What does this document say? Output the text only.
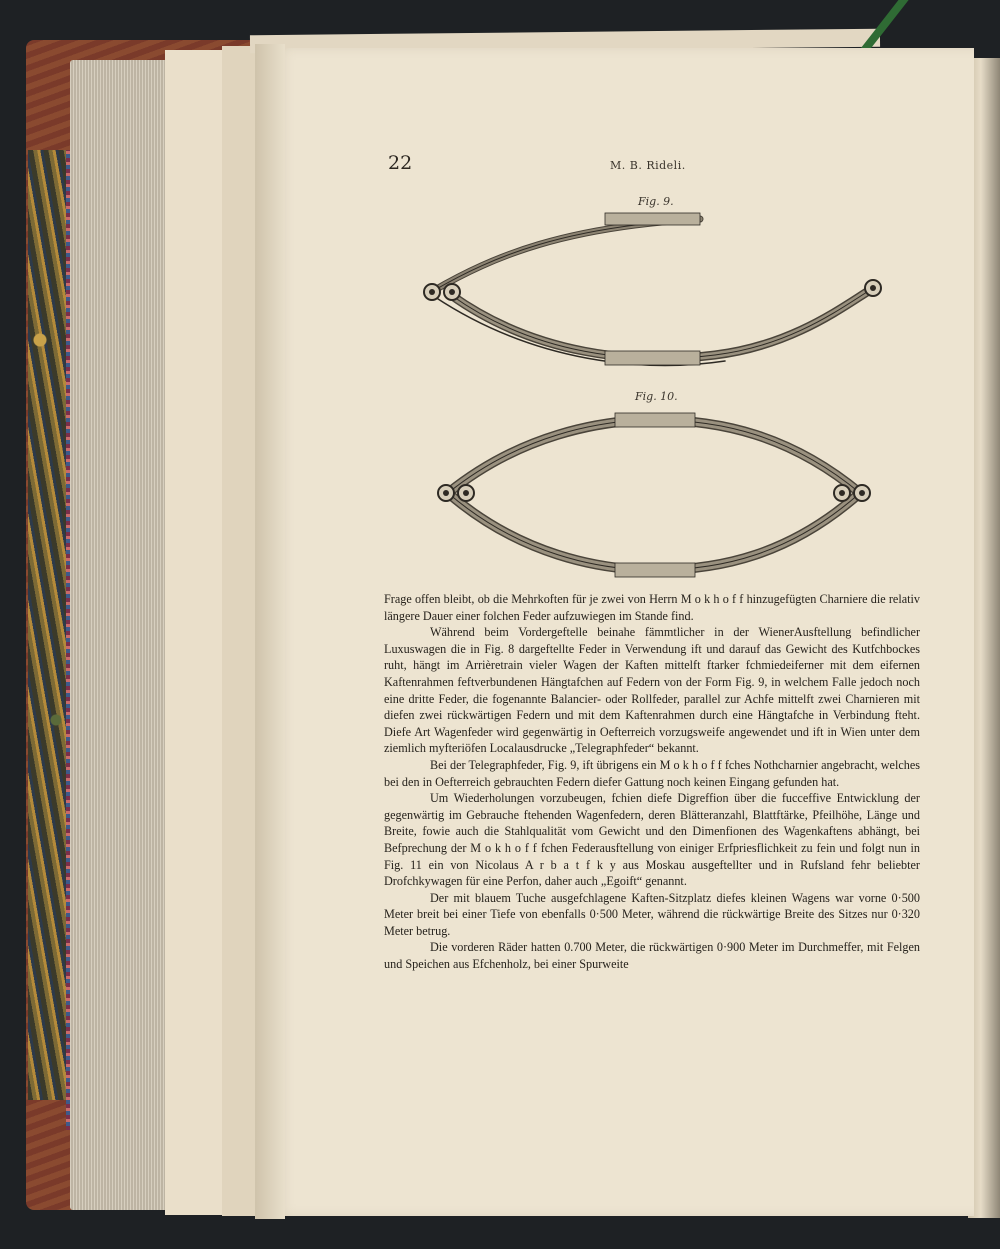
22	M. B. Rideli.
Fig. 9.
Fig. 10.

Frage offen bleibt, ob die Mehrkoften für je zwei von Herrn M o k h o f f hinzugefügten Charniere die relativ längere Dauer einer folchen Feder aufzuwiegen im Stande find.

Während beim Vordergeftelle beinahe fämmtlicher in der WienerAusftellung befindlicher Luxuswagen die in Fig. 8 dargeftellte Feder in Verwendung ift und darauf das Gewicht des Kutfchbockes ruht, hängt im Arrièretrain vieler Wagen der Kaften mittelft ftarker fchmiedeiferner mit dem eifernen Kaftenrahmen feftverbundenen Hängtafchen auf Federn von der Form Fig. 9, in welchem Falle jedoch noch eine dritte Feder, die fogenannte Balancier- oder Rollfeder, parallel zur Achfe mittelft zwei Charnieren mit diefen zwei rückwärtigen Federn und mit dem Kaftenrahmen durch eine Hängtafche in Verbindung fteht. Diefe Art Wagenfeder wird gegenwärtig in Oefterreich vorzugsweife angewendet und ift in Wien unter dem ziemlich myfteriöfen Localausdrucke „Telegraphfeder“ bekannt.

Bei der Telegraphfeder, Fig. 9, ift übrigens ein M o k h o f f fches Nothcharnier angebracht, welches bei den in Oefterreich gebrauchten Federn diefer Gattung noch keinen Eingang gefunden hat.

Um Wiederholungen vorzubeugen, fchien diefe Digreffion über die fucceffive Entwicklung der gegenwärtig im Gebrauche ftehenden Wagenfedern, deren Blätteranzahl, Blattftärke, Pfeilhöhe, Länge und Breite, fowie auch die Stahlqualität vom Gewicht und den Dimenfionen des Wagenkaftens abhängt, bei Befprechung der M o k h o f f fchen Federausftellung von einiger Erfpriesflichkeit zu fein und folgt nun in Fig. 11 ein von Nicolaus A r b a t f k y aus Moskau ausgeftellter und in Rufsland fehr beliebter Drofchkywagen für eine Perfon, daher auch „Egoift“ genannt.

Der mit blauem Tuche ausgefchlagene Kaften-Sitzplatz diefes kleinen Wagens war vorne 0·500 Meter breit bei einer Tiefe von ebenfalls 0·500 Meter, während die rückwärtige Breite des Sitzes nur 0·320 Meter betrug.

Die vorderen Räder hatten 0.700 Meter, die rückwärtigen 0·900 Meter im Durchmeffer, mit Felgen und Speichen aus Efchenholz, bei einer Spurweite
